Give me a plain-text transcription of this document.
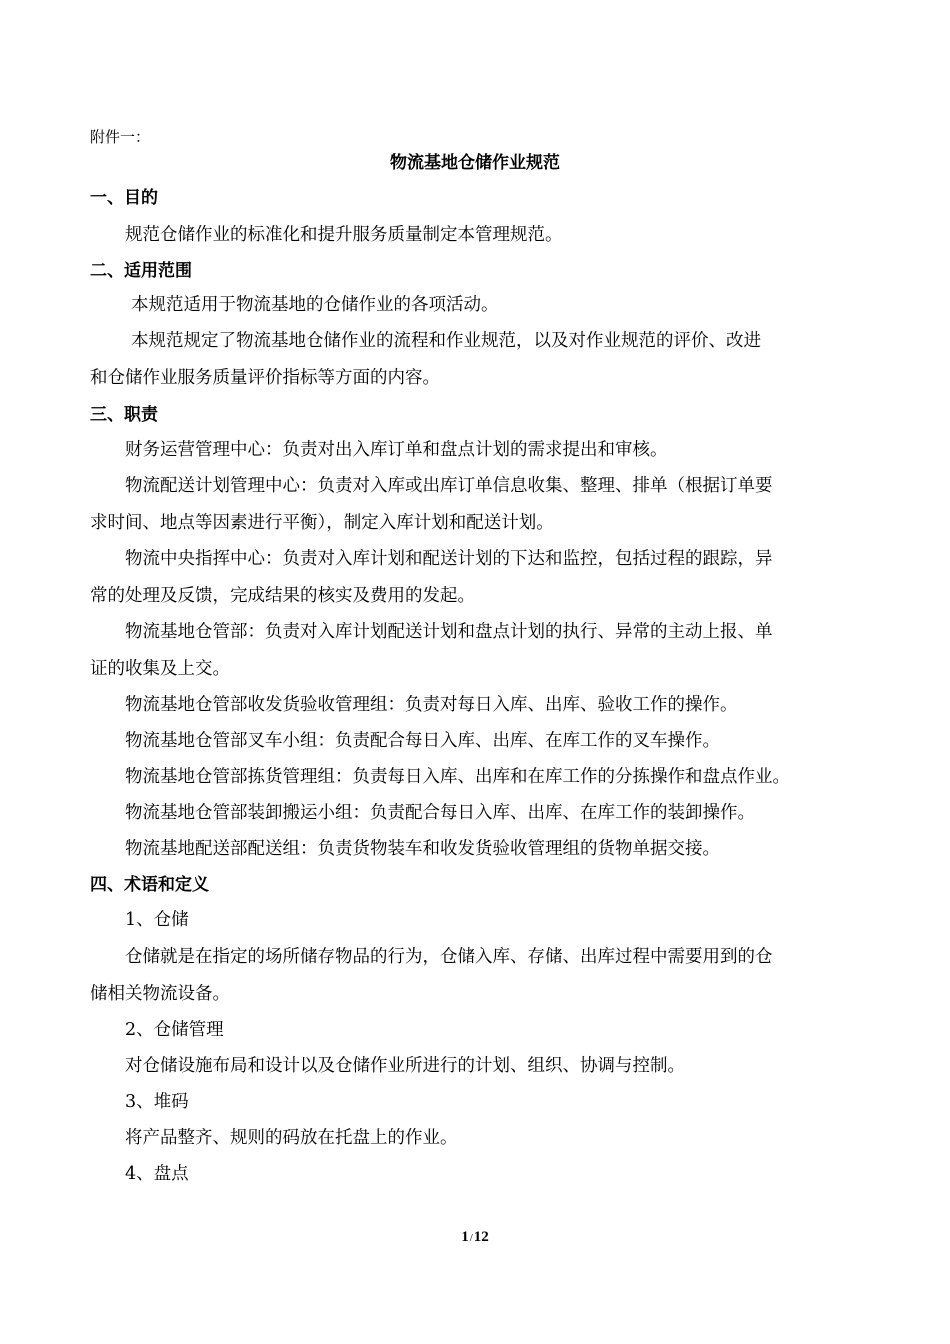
附件一：
物流基地仓储作业规范
一、目的
规范仓储作业的标准化和提升服务质量制定本管理规范。
二、适用范围
本规范适用于物流基地的仓储作业的各项活动。
本规范规定了物流基地仓储作业的流程和作业规范，以及对作业规范的评价、改进
和仓储作业服务质量评价指标等方面的内容。
三、职责
财务运营管理中心：负责对出入库订单和盘点计划的需求提出和审核。
物流配送计划管理中心：负责对入库或出库订单信息收集、整理、排单（根据订单要
求时间、地点等因素进行平衡），制定入库计划和配送计划。
物流中央指挥中心：负责对入库计划和配送计划的下达和监控，包括过程的跟踪，异
常的处理及反馈，完成结果的核实及费用的发起。
物流基地仓管部：负责对入库计划配送计划和盘点计划的执行、异常的主动上报、单
证的收集及上交。
物流基地仓管部收发货验收管理组：负责对每日入库、出库、验收工作的操作。
物流基地仓管部叉车小组：负责配合每日入库、出库、在库工作的叉车操作。
物流基地仓管部拣货管理组：负责每日入库、出库和在库工作的分拣操作和盘点作业。
物流基地仓管部装卸搬运小组：负责配合每日入库、出库、在库工作的装卸操作。
物流基地配送部配送组：负责货物装车和收发货验收管理组的货物单据交接。
四、术语和定义
1、仓储
仓储就是在指定的场所储存物品的行为，仓储入库、存储、出库过程中需要用到的仓
储相关物流设备。
2、仓储管理
对仓储设施布局和设计以及仓储作业所进行的计划、组织、协调与控制。
3、堆码
将产品整齐、规则的码放在托盘上的作业。
4、盘点
1/12
